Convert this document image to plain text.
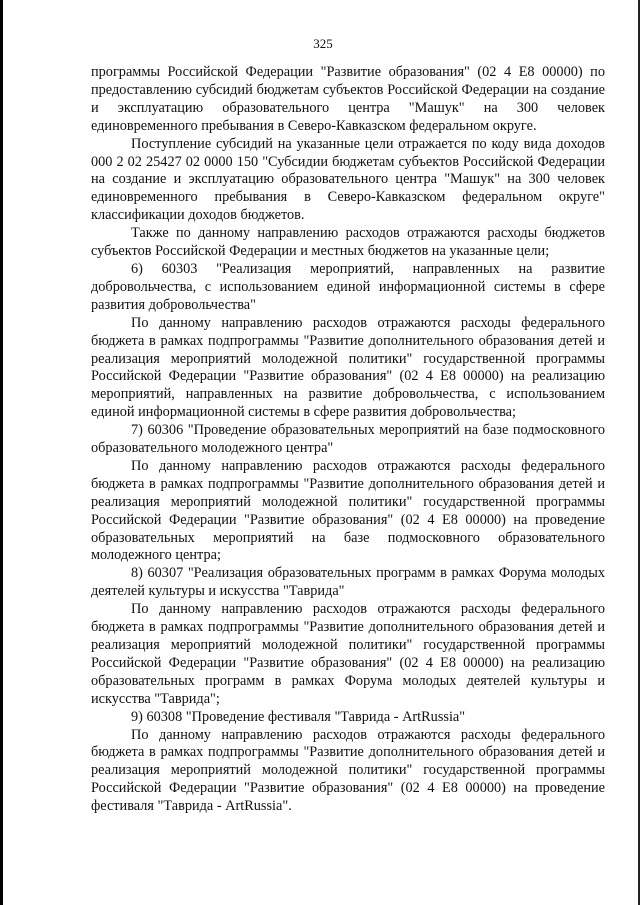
325

программы Российской Федерации "Развитие образования" (02 4 Е8 00000) по предоставлению субсидий бюджетам субъектов Российской Федерации на создание и эксплуатацию образовательного центра "Машук" на 300 человек единовременного пребывания в Северо-Кавказском федеральном округе.

Поступление субсидий на указанные цели отражается по коду вида доходов 000 2 02 25427 02 0000 150 "Субсидии бюджетам субъектов Российской Федерации на создание и эксплуатацию образовательного центра "Машук" на 300 человек единовременного пребывания в Северо-Кавказском федеральном округе" классификации доходов бюджетов.

Также по данному направлению расходов отражаются расходы бюджетов субъектов Российской Федерации и местных бюджетов на указанные цели;

6) 60303 "Реализация мероприятий, направленных на развитие добровольчества, с использованием единой информационной системы в сфере развития добровольчества"

По данному направлению расходов отражаются расходы федерального бюджета в рамках подпрограммы "Развитие дополнительного образования детей и реализация мероприятий молодежной политики" государственной программы Российской Федерации "Развитие образования" (02 4 Е8 00000) на реализацию мероприятий, направленных на развитие добровольчества, с использованием единой информационной системы в сфере развития добровольчества;

7) 60306 "Проведение образовательных мероприятий на базе подмосковного образовательного молодежного центра"

По данному направлению расходов отражаются расходы федерального бюджета в рамках подпрограммы "Развитие дополнительного образования детей и реализация мероприятий молодежной политики" государственной программы Российской Федерации "Развитие образования" (02 4 Е8 00000) на проведение образовательных мероприятий на базе подмосковного образовательного молодежного центра;

8) 60307 "Реализация образовательных программ в рамках Форума молодых деятелей культуры и искусства "Таврида"

По данному направлению расходов отражаются расходы федерального бюджета в рамках подпрограммы "Развитие дополнительного образования детей и реализация мероприятий молодежной политики" государственной программы Российской Федерации "Развитие образования" (02 4 Е8 00000) на реализацию образовательных программ в рамках Форума молодых деятелей культуры и искусства "Таврида";

9) 60308 "Проведение фестиваля "Таврида - ArtRussia"

По данному направлению расходов отражаются расходы федерального бюджета в рамках подпрограммы "Развитие дополнительного образования детей и реализация мероприятий молодежной политики" государственной программы Российской Федерации "Развитие образования" (02 4 Е8 00000) на проведение фестиваля "Таврида - ArtRussia".
